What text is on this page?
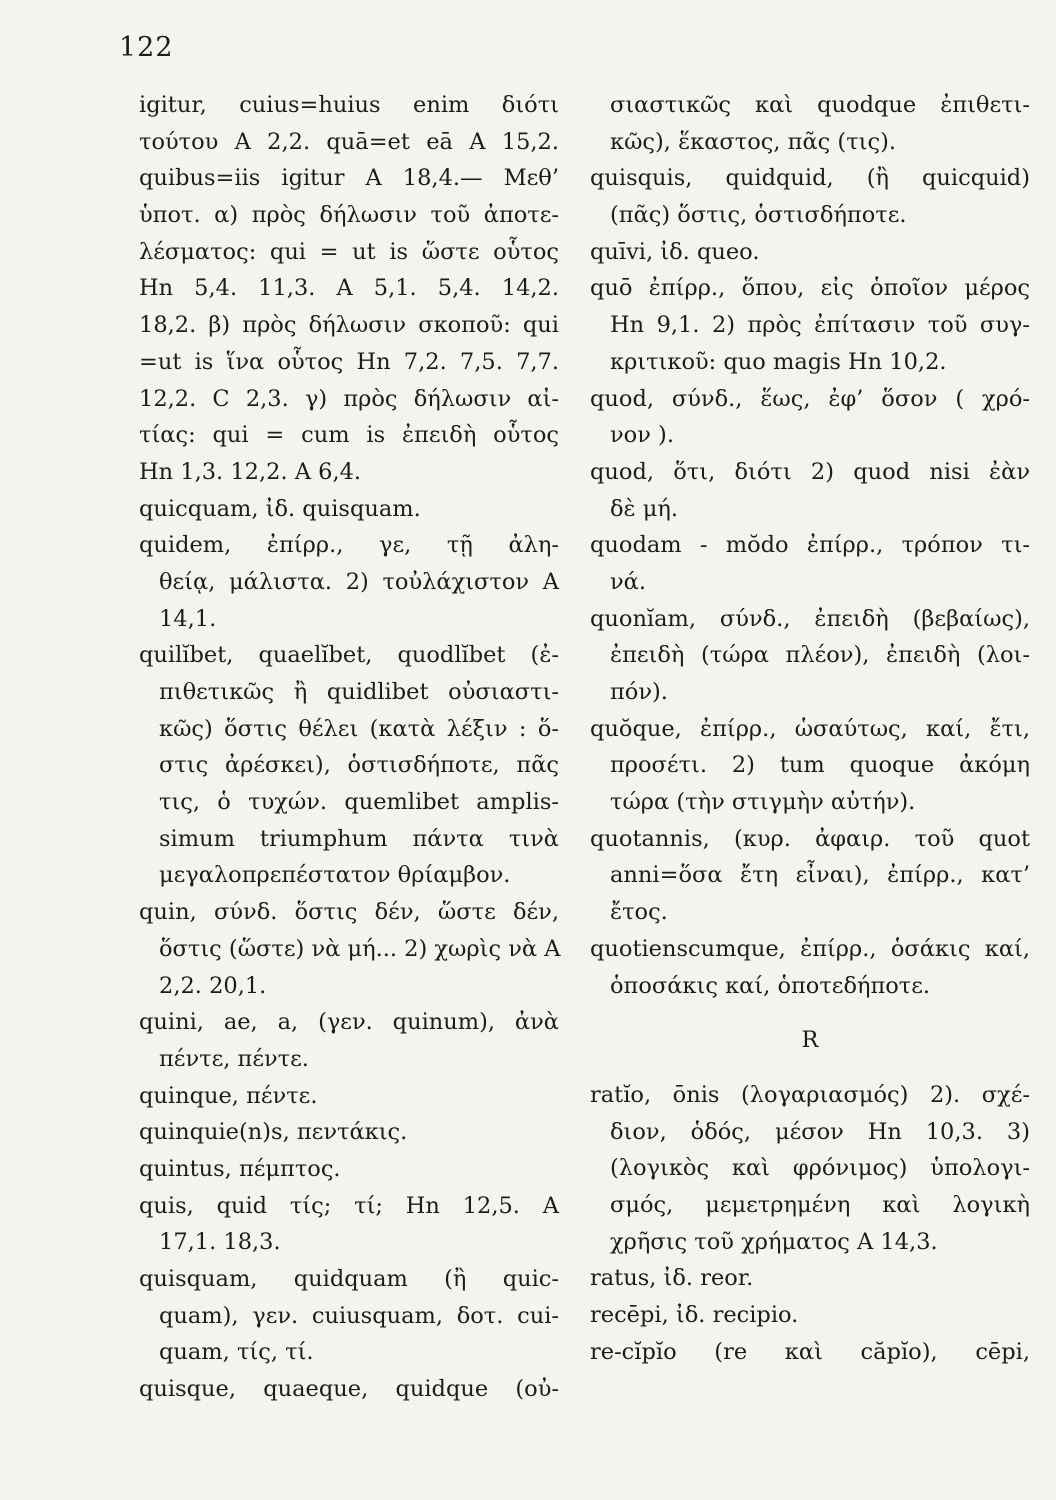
122
igitur, cuius=huius enim διότι
τούτου A 2,2. quā=et eā A 15,2.
quibus=iis igitur A 18,4.— Μεθ’
ὑποτ. α) πρὸς δήλωσιν τοῦ ἀποτε-
λέσματος: qui = ut is ὥστε οὗτος
Hn 5,4. 11,3. A 5,1. 5,4. 14,2.
18,2. β) πρὸς δήλωσιν σκοποῦ: qui
=ut is ἵνα οὗτος Hn 7,2. 7,5. 7,7.
12,2. C 2,3. γ) πρὸς δήλωσιν αἰ-
τίας: qui = cum is ἐπειδὴ οὗτος
Hn 1,3. 12,2. A 6,4.
quicquam, ἰδ. quisquam.
quidem, ἐπίρρ., γε, τῇ ἀλη-
θείᾳ, μάλιστα. 2) τοὐλάχιστον A
14,1.
quilĭbet, quaelĭbet, quodlĭbet (ἐ-
πιθετικῶς ἢ quidlibet οὐσιαστι-
κῶς) ὅστις θέλει (κατὰ λέξιν : ὅ-
στις ἀρέσκει), ὁστισδήποτε, πᾶς
τις, ὁ τυχών. quemlibet amplis-
simum triumphum πάντα τινὰ
μεγαλοπρεπέστατον θρίαμβον.
quin, σύνδ. ὅστις δέν, ὥστε δέν,
ὅστις (ὥστε) νὰ μή... 2) χωρὶς νὰ A
2,2. 20,1.
quini, ae, a, (γεν. quinum), ἀνὰ
πέντε, πέντε.
quinque, πέντε.
quinquie(n)s, πεντάκις.
quintus, πέμπτος.
quis, quid τίς; τί; Hn 12,5. A
17,1. 18,3.
quisquam, quidquam (ἢ quic-
quam), γεν. cuiusquam, δοτ. cui-
quam, τίς, τί.
quisque, quaeque, quidque (οὐ-
σιαστικῶς καὶ quodque ἐπιθετι-
κῶς), ἕκαστος, πᾶς (τις).
quisquis, quidquid, (ἢ quicquid)
(πᾶς) ὅστις, ὁστισδήποτε.
quīvi, ἰδ. queo.
quō ἐπίρρ., ὅπου, εἰς ὁποῖον μέρος
Hn 9,1. 2) πρὸς ἐπίτασιν τοῦ συγ-
κριτικοῦ: quo magis Hn 10,2.
quod, σύνδ., ἕως, ἐφ’ ὅσον ( χρό-
νον ).
quod, ὅτι, διότι 2) quod nisi ἐὰν
δὲ μή.
quodam - mŏdo ἐπίρρ., τρόπον τι-
νά.
quonĭam, σύνδ., ἐπειδὴ (βεβαίως),
ἐπειδὴ (τώρα πλέον), ἐπειδὴ (λοι-
πόν).
quŏque, ἐπίρρ., ὡσαύτως, καί, ἔτι,
προσέτι. 2) tum quoque ἀκόμη
τώρα (τὴν στιγμὴν αὐτήν).
quotannis, (κυρ. ἀφαιρ. τοῦ quot
anni=ὅσα ἔτη εἶναι), ἐπίρρ., κατ’
ἔτος.
quotienscumque, ἐπίρρ., ὁσάκις καί,
ὁποσάκις καί, ὁποτεδήποτε.
R
ratĭo, ōnis (λογαριασμός) 2). σχέ-
διον, ὁδός, μέσον Hn 10,3. 3)
(λογικὸς καὶ φρόνιμος) ὑπολογι-
σμός, μεμετρημένη καὶ λογικὴ
χρῆσις τοῦ χρήματος A 14,3.
ratus, ἰδ. reor.
recēpi, ἰδ. recipio.
re-cĭpĭo (re καὶ căpĭo), cēpi,
